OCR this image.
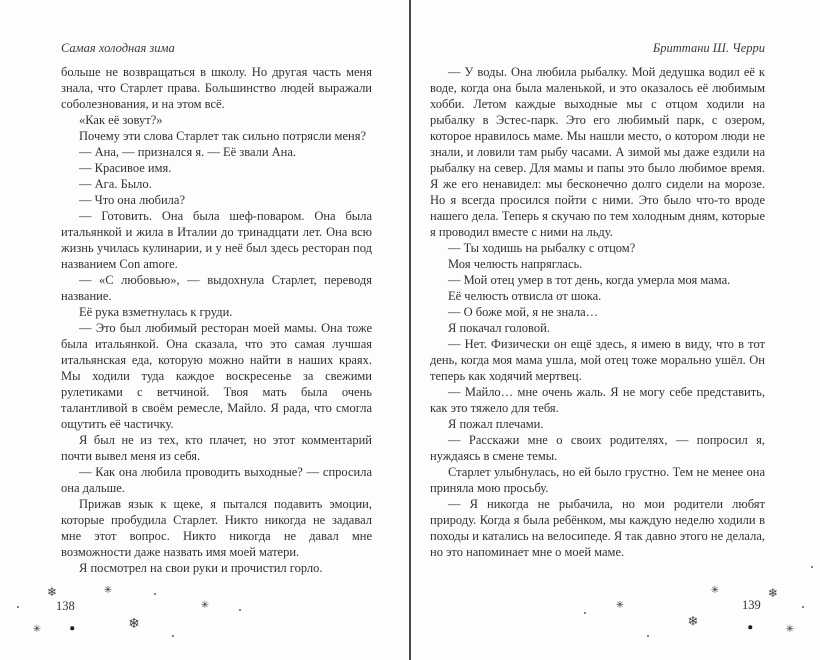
Самая холодная зима

больше не возвращаться в школу. Но другая часть меня знала, что Старлет права. Большинство людей выражали соболезнования, и на этом всё.

«Как её зовут?»

Почему эти слова Старлет так сильно потрясли меня?

— Ана, — признался я. — Её звали Ана.

— Красивое имя.

— Ага. Было.

— Что она любила?

— Готовить. Она была шеф-поваром. Она была итальянкой и жила в Италии до тринадцати лет. Она всю жизнь училась кулинарии, и у неё был здесь ресторан под названием Con amore.

— «С любовью», — выдохнула Старлет, переводя название.

Её рука взметнулась к груди.

— Это был любимый ресторан моей мамы. Она тоже была итальянкой. Она сказала, что это самая лучшая итальянская еда, которую можно найти в наших краях. Мы ходили туда каждое воскресенье за свежими рулетиками с ветчиной. Твоя мать была очень талантливой в своём ремесле, Майло. Я рада, что смогла ощутить её частичку.

Я был не из тех, кто плачет, но этот комментарий почти вывел меня из себя.

— Как она любила проводить выходные? — спросила она дальше.

Прижав язык к щеке, я пытался подавить эмоции, которые пробудила Старлет. Никто никогда не задавал мне этот вопрос. Никто никогда не давал мне возможности даже назвать имя моей матери.

Я посмотрел на свои руки и прочистил горло.

Бриттани Ш. Черри

— У воды. Она любила рыбалку. Мой дедушка водил её к воде, когда она была маленькой, и это оказалось её любимым хобби. Летом каждые выходные мы с отцом ходили на рыбалку в Эстес-парк. Это его любимый парк, с озером, которое нравилось маме. Мы нашли место, о котором люди не знали, и ловили там рыбу часами. А зимой мы даже ездили на рыбалку на север. Для мамы и папы это было любимое время. Я же его ненавидел: мы бесконечно долго сидели на морозе. Но я всегда просился пойти с ними. Это было что-то вроде нашего дела. Теперь я скучаю по тем холодным дням, которые я проводил вместе с ними на льду.

— Ты ходишь на рыбалку с отцом?

Моя челюсть напряглась.

— Мой отец умер в тот день, когда умерла моя мама.

Её челюсть отвисла от шока.

— О боже мой, я не знала…

Я покачал головой.

— Нет. Физически он ещё здесь, я имею в виду, что в тот день, когда моя мама ушла, мой отец тоже морально ушёл. Он теперь как ходячий мертвец.

— Майло… мне очень жаль. Я не могу себе представить, как это тяжело для тебя.

Я пожал плечами.

— Расскажи мне о своих родителях, — попросил я, нуждаясь в смене темы.

Старлет улыбнулась, но ей было грустно. Тем не менее она приняла мою просьбу.

— Я никогда не рыбачила, но мои родители любят природу. Когда я была ребёнком, мы каждую неделю ходили в походы и катались на велосипеде. Я так давно этого не делала, но это напоминает мне о моей маме.

138	139
❄	✳
✳
❄
✳
✳	❄
✳
❄	✳
